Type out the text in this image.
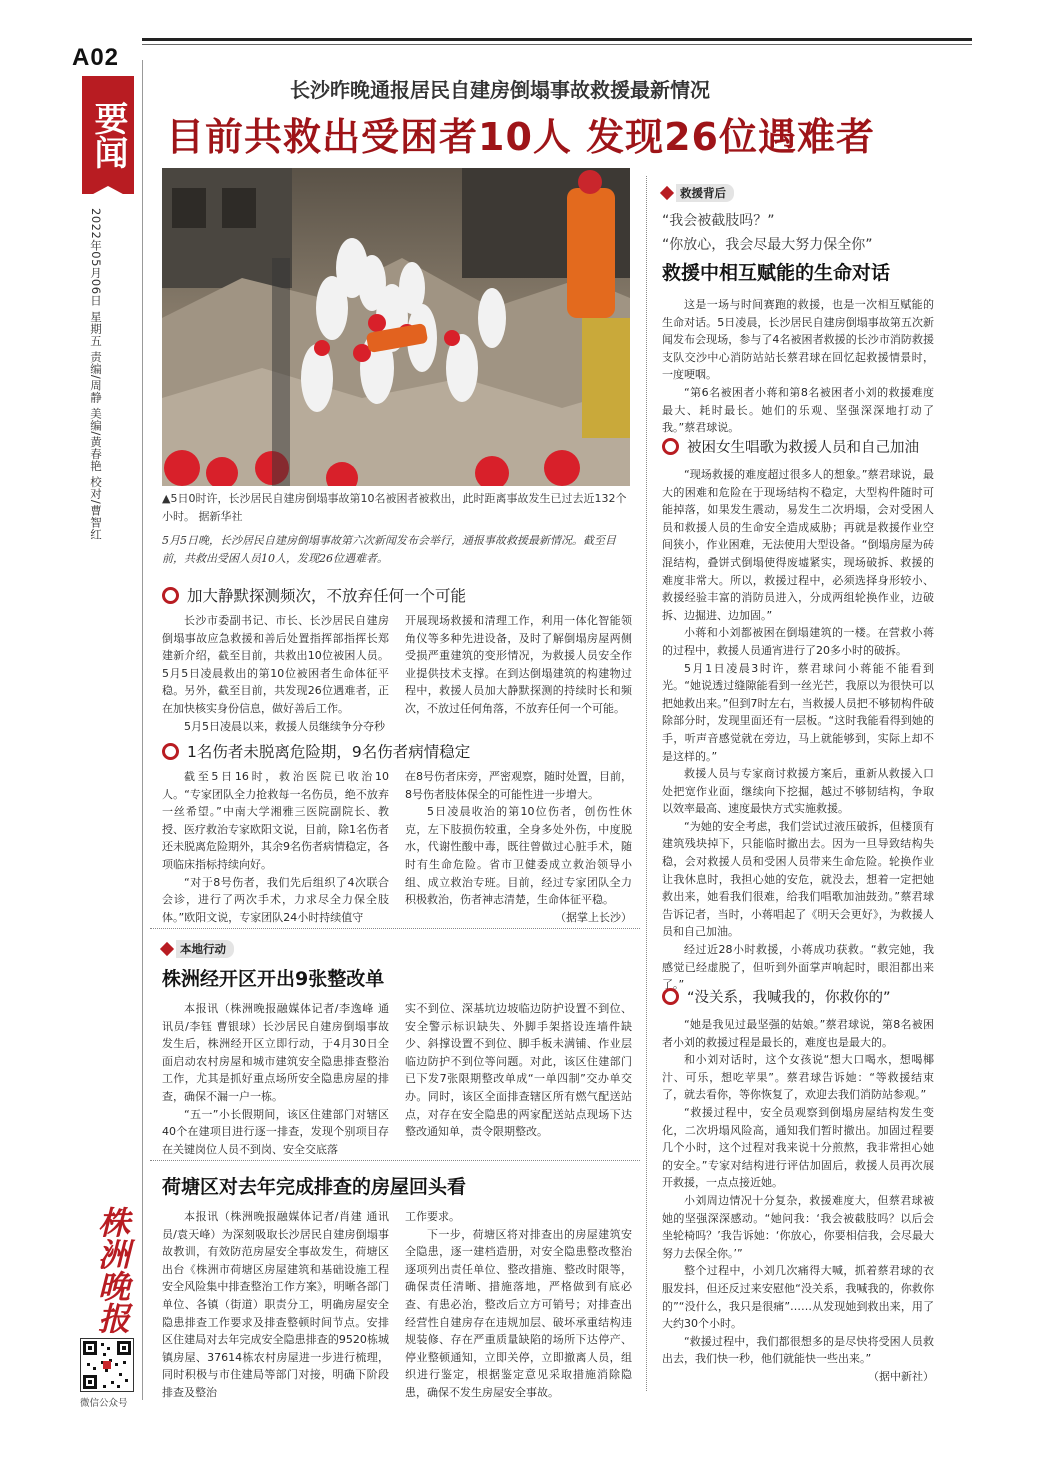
A02
要闻
2022年05月06日 星期五 责编/周静 美编/黄春艳 校对/曹智红
长沙昨晚通报居民自建房倒塌事故救援最新情况
目前共救出受困者10人 发现26位遇难者
▲5日0时许，长沙居民自建房倒塌事故第10名被困者被救出，此时距离事故发生已过去近132个小时。 据新华社
5月5日晚，长沙居民自建房倒塌事故第六次新闻发布会举行，通报事故救援最新情况。截至目前，共救出受困人员10人，发现26位遇难者。
加大静默探测频次，不放弃任何一个可能

长沙市委副书记、市长、长沙居民自建房倒塌事故应急救援和善后处置指挥部指挥长郑建新介绍，截至目前，共救出10位被困人员。5月5日凌晨救出的第10位被困者生命体征平稳。另外，截至目前，共发现26位遇难者，正在加快核实身份信息，做好善后工作。

5月5日凌晨以来，救援人员继续争分夺秒

开展现场救援和清理工作，利用一体化智能领角仪等多种先进设备，及时了解倒塌房屋两侧受损严重建筑的变形情况，为救援人员安全作业提供技术支撑。在到达倒塌建筑的构建物过程中，救援人员加大静默探测的持续时长和频次，不放过任何角落，不放弃任何一个可能。

1名伤者未脱离危险期，9名伤者病情稳定

截至5日16时，救治医院已收治10人。“专家团队全力抢救每一名伤员，绝不放弃一丝希望。”中南大学湘雅三医院副院长、教授、医疗救治专家欧阳文说，目前，除1名伤者还未脱离危险期外，其余9名伤者病情稳定，各项临床指标持续向好。

“对于8号伤者，我们先后组织了4次联合会诊，进行了两次手术，力求尽全力保全肢体。”欧阳文说，专家团队24小时持续值守

在8号伤者床旁，严密观察，随时处置，目前，8号伤者肢体保全的可能性进一步增大。

5日凌晨收治的第10位伤者，创伤性休克，左下肢损伤较重，全身多处外伤，中度脱水，代谢性酸中毒，既往曾做过心脏手术，随时有生命危险。省市卫健委成立救治领导小组、成立救治专班。目前，经过专家团队全力积极救治，伤者神志清楚，生命体征平稳。

（据掌上长沙）

本地行动
株洲经开区开出9张整改单

本报讯（株洲晚报融媒体记者/李逸峰 通讯员/李钰 曹银球）长沙居民自建房倒塌事故发生后，株洲经开区立即行动，于4月30日全面启动农村房屋和城市建筑安全隐患排查整治工作，尤其是抓好重点场所安全隐患房屋的排查，确保不漏一户一栋。

“五一”小长假期间，该区住建部门对辖区40个在建项目进行逐一排查，发现个别项目存在关键岗位人员不到岗、安全交底落

实不到位、深基坑边坡临边防护设置不到位、安全警示标识缺失、外脚手架搭设连墙件缺少、斜撑设置不到位、脚手板未满铺、作业层临边防护不到位等问题。对此，该区住建部门已下发7张限期整改单成“一单四制”交办单交办。同时，该区全面排查辖区所有燃气配送站点，对存在安全隐患的两家配送站点现场下达整改通知单，责令限期整改。

荷塘区对去年完成排查的房屋回头看

本报讯（株洲晚报融媒体记者/肖建 通讯员/袁天峰）为深刻吸取长沙居民自建房倒塌事故教训，有效防范房屋安全事故发生，荷塘区出台《株洲市荷塘区房屋建筑和基础设施工程安全风险集中排查整治工作方案》，明晰各部门单位、各镇（街道）职责分工，明确房屋安全隐患排查工作要求及排查整顿时间节点。安排区住建局对去年完成安全隐患排查的9520栋城镇房屋、37614栋农村房屋进一步进行梳理，同时积极与市住建局等部门对接，明确下阶段排查及整治

工作要求。

下一步，荷塘区将对排查出的房屋建筑安全隐患，逐一建档造册，对安全隐患整改整治逐项列出责任单位、整改措施、整改时限等，确保责任清晰、措施落地，严格做到有底必查、有患必治，整改后立方可销号；对排查出经营性自建房存在违规加层、破坏承重结构违规装修、存在严重质量缺陷的场所下达停产、停业整顿通知，立即关停，立即撤离人员，组织进行鉴定，根据鉴定意见采取措施消除隐患，确保不发生房屋安全事故。

救援背后
“我会被截肢吗？”
“你放心，我会尽最大努力保全你”
救援中相互赋能的生命对话

这是一场与时间赛跑的救援，也是一次相互赋能的生命对话。5日凌晨，长沙居民自建房倒塌事故第五次新闻发布会现场，参与了4名被困者救援的长沙市消防救援支队交沙中心消防站站长蔡君球在回忆起救援情景时，一度哽咽。

“第6名被困者小蒋和第8名被困者小刘的救援难度最大、耗时最长。她们的乐观、坚强深深地打动了我。”蔡君球说。

被困女生唱歌为救援人员和自己加油

“现场救援的难度超过很多人的想象。”蔡君球说，最大的困难和危险在于现场结构不稳定，大型构件随时可能掉落，如果发生震动，易发生二次坍塌，会对受困人员和救援人员的生命安全造成威胁；再就是救援作业空间狭小，作业困难，无法使用大型设备。“倒塌房屋为砖混结构，叠饼式倒塌使得废墟紧实，现场破拆、救援的难度非常大。所以，救援过程中，必须选择身形较小、救援经验丰富的消防员进入，分成两组轮换作业，边破拆、边掘进、边加固。”

小蒋和小刘都被困在倒塌建筑的一楼。在营救小蒋的过程中，救援人员通宵进行了20多小时的破拆。

5月1日凌晨3时许，蔡君球问小蒋能不能看到光。“她说透过缝隙能看到一丝光芒，我原以为很快可以把她救出来。”但到7时左右，当救援人员把不够韧构件破除部分时，发现里面还有一层板。“这时我能看得到她的手，听声音感觉就在旁边，马上就能够到，实际上却不是这样的。”

救援人员与专家商讨救援方案后，重新从救援入口处把宽作业面，继续向下挖掘，越过不够韧结构，争取以效率最高、速度最快方式实施救援。

“为她的安全考虑，我们尝试过液压破拆，但楼顶有建筑残块掉下，只能临时撤出去。因为一旦导致结构失稳，会对救援人员和受困人员带来生命危险。轮换作业让我休息时，我担心她的安危，就没去，想着一定把她救出来，她看我们很难，给我们唱歌加油鼓劲。”蔡君球告诉记者，当时，小蒋唱起了《明天会更好》，为救援人员和自己加油。

经过近28小时救援，小蒋成功获救。“救完她，我感觉已经虚脱了，但听到外面掌声响起时，眼泪都出来了。”

“没关系，我喊我的，你救你的”

“她是我见过最坚强的姑娘。”蔡君球说，第8名被困者小刘的救援过程是最长的，难度也是最大的。

和小刘对话时，这个女孩说“想大口喝水，想喝椰汁、可乐，想吃苹果”。蔡君球告诉她：“等救援结束了，就去看你，等你恢复了，欢迎去我们消防站参观。”

“救援过程中，安全员观察到倒塌房屋结构发生变化，二次坍塌风险高，通知我们暂时撤出。加固过程要几个小时，这个过程对我来说十分煎熬，我非常担心她的安全。”专家对结构进行评估加固后，救援人员再次展开救援，一点点接近她。

小刘周边情况十分复杂，救援难度大，但蔡君球被她的坚强深深感动。“她问我：‘我会被截肢吗？以后会坐轮椅吗？’我告诉她：‘你放心，你要相信我，会尽最大努力去保全你。’”

整个过程中，小刘几次痛得大喊，抓着蔡君球的衣服发抖，但还反过来安慰他“没关系，我喊我的，你救你的”“没什么，我只是很痛”……从发现她到救出来，用了大约30个小时。

“救援过程中，我们都很想多的是尽快将受困人员救出去，我们快一秒，他们就能快一些出来。”

（据中新社）

株洲晚报
微信公众号
